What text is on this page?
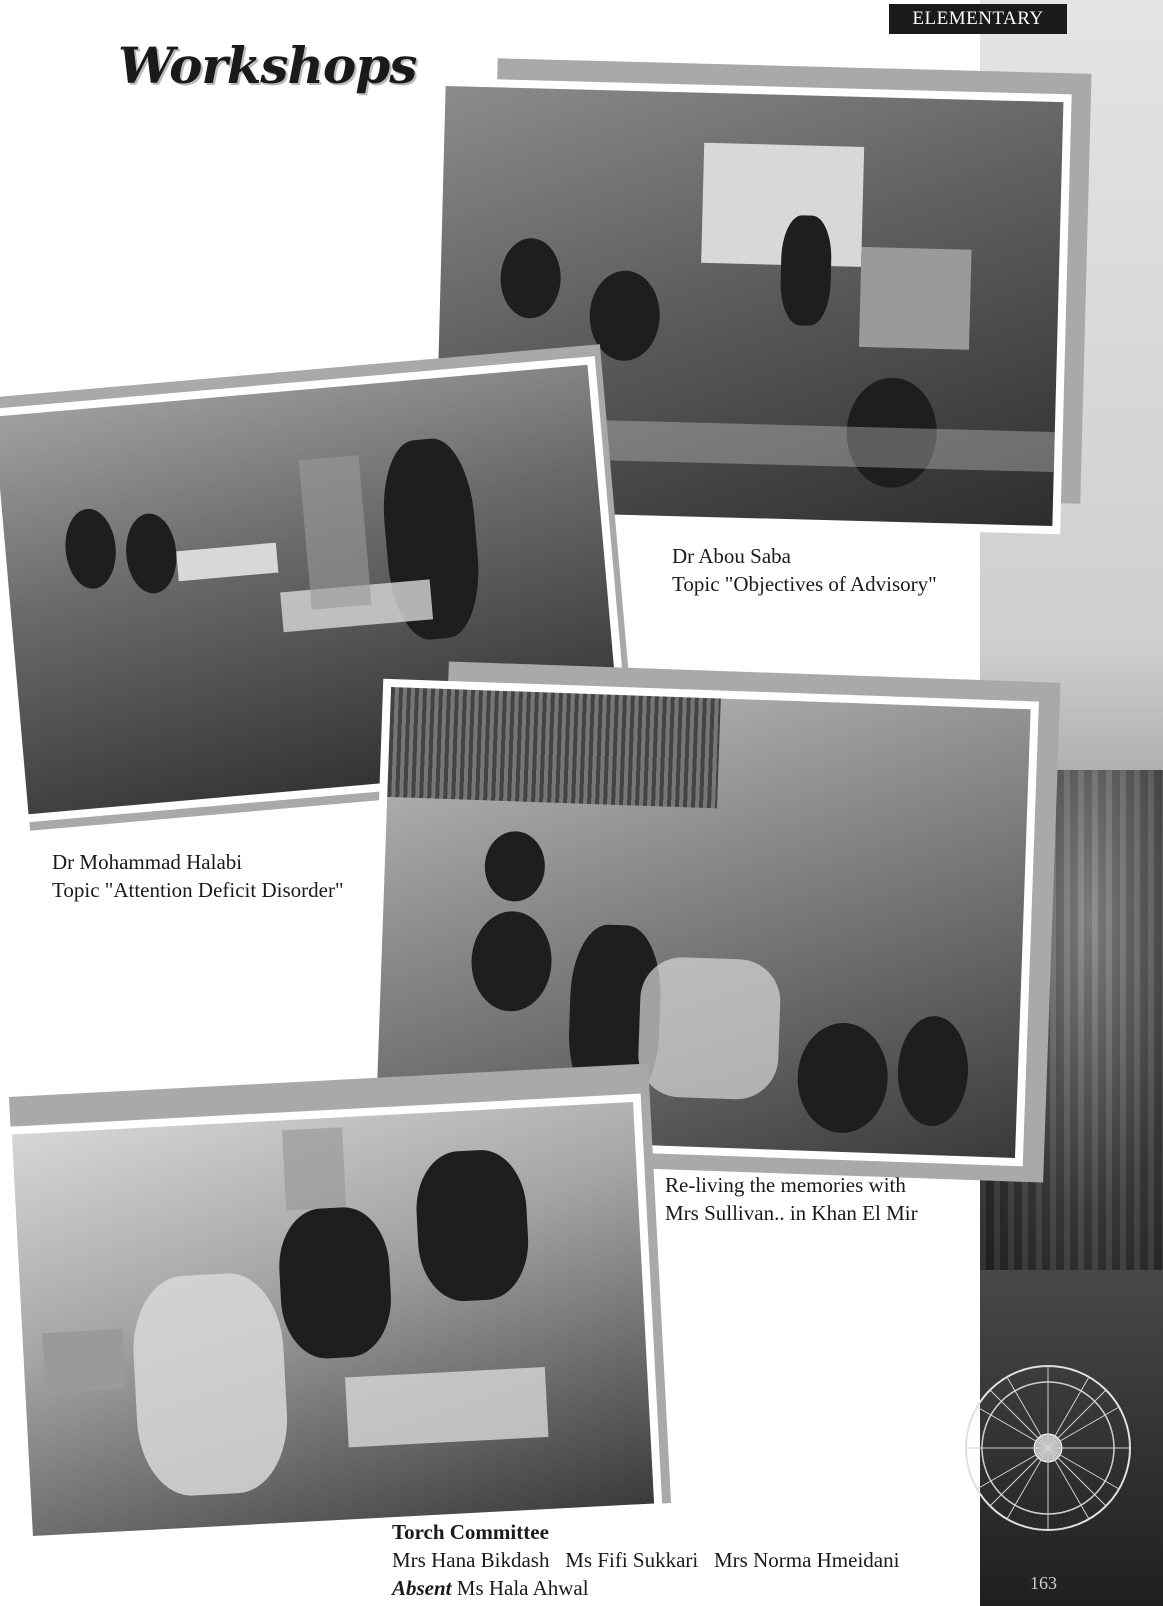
ELEMENTARY
Workshops
Dr Abou Saba
Topic "Objectives of Advisory"
Dr Mohammad Halabi
Topic "Attention Deficit Disorder"
Re-living the memories with
Mrs Sullivan.. in Khan El Mir
Torch Committee
Mrs Hana Bikdash   Ms Fifi Sukkari   Mrs Norma Hmeidani
Absent Ms Hala Ahwal	163
